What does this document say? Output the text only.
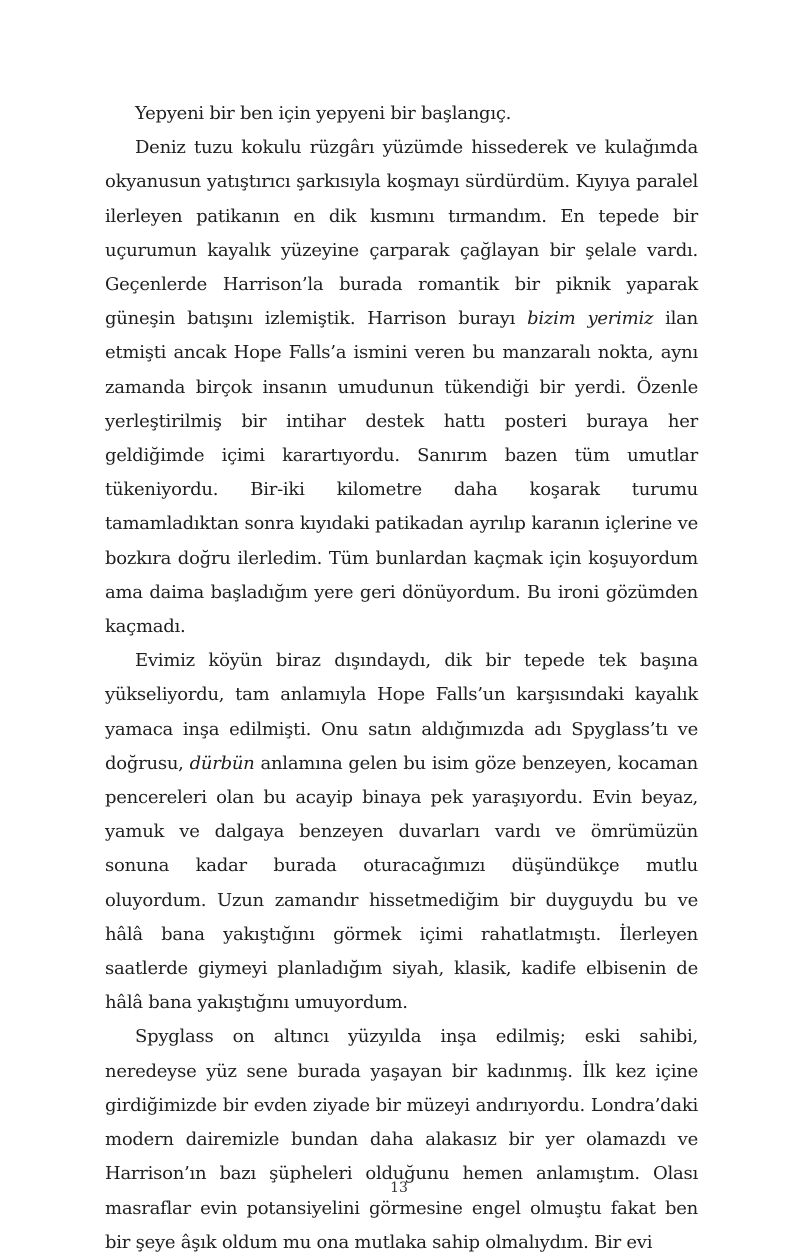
Yepyeni bir ben için yepyeni bir başlangıç.

Deniz tuzu kokulu rüzgârı yüzümde hissederek ve kulağımda okyanusun yatıştırıcı şarkısıyla koşmayı sürdürdüm. Kıyıya paralel ilerleyen patikanın en dik kısmını tırmandım. En tepede bir uçurumun kayalık yüzeyine çarparak çağlayan bir şelale vardı. Geçenlerde Harrison’la burada romantik bir piknik yaparak güneşin batışını izlemiştik. Harrison burayı bizim yerimiz ilan etmişti ancak Hope Falls’a ismini veren bu manzaralı nokta, aynı zamanda birçok insanın umudunun tükendiği bir yerdi. Özenle yerleştirilmiş bir intihar destek hattı posteri buraya her geldiğimde içimi karartıyordu. Sanırım bazen tüm umutlar tükeniyordu. Bir-iki kilometre daha koşarak turumu tamamladıktan sonra kıyıdaki patikadan ayrılıp karanın içlerine ve bozkıra doğru ilerledim. Tüm bunlardan kaçmak için koşuyordum ama daima başladığım yere geri dönüyordum. Bu ironi gözümden kaçmadı.

Evimiz köyün biraz dışındaydı, dik bir tepede tek başına yükseliyordu, tam anlamıyla Hope Falls’un karşısındaki kayalık yamaca inşa edilmişti. Onu satın aldığımızda adı Spyglass’tı ve doğrusu, dürbün anlamına gelen bu isim göze benzeyen, kocaman pencereleri olan bu acayip binaya pek yaraşıyordu. Evin beyaz, yamuk ve dalgaya benzeyen duvarları vardı ve ömrümüzün sonuna kadar burada oturacağımızı düşündükçe mutlu oluyordum. Uzun zamandır hissetmediğim bir duyguydu bu ve hâlâ bana yakıştığını görmek içimi rahatlatmıştı. İlerleyen saatlerde giymeyi planladığım siyah, klasik, kadife elbisenin de hâlâ bana yakıştığını umuyordum.

Spyglass on altıncı yüzyılda inşa edilmiş; eski sahibi, neredeyse yüz sene burada yaşayan bir kadınmış. İlk kez içine girdiğimizde bir evden ziyade bir müzeyi andırıyordu. Londra’daki modern dairemizle bundan daha alakasız bir yer olamazdı ve Harrison’ın bazı şüpheleri olduğunu hemen anlamıştım. Olası masraflar evin potansiyelini görmesine engel olmuştu fakat ben bir şeye âşık oldum mu ona mutlaka sahip olmalıydım. Bir evi

13
